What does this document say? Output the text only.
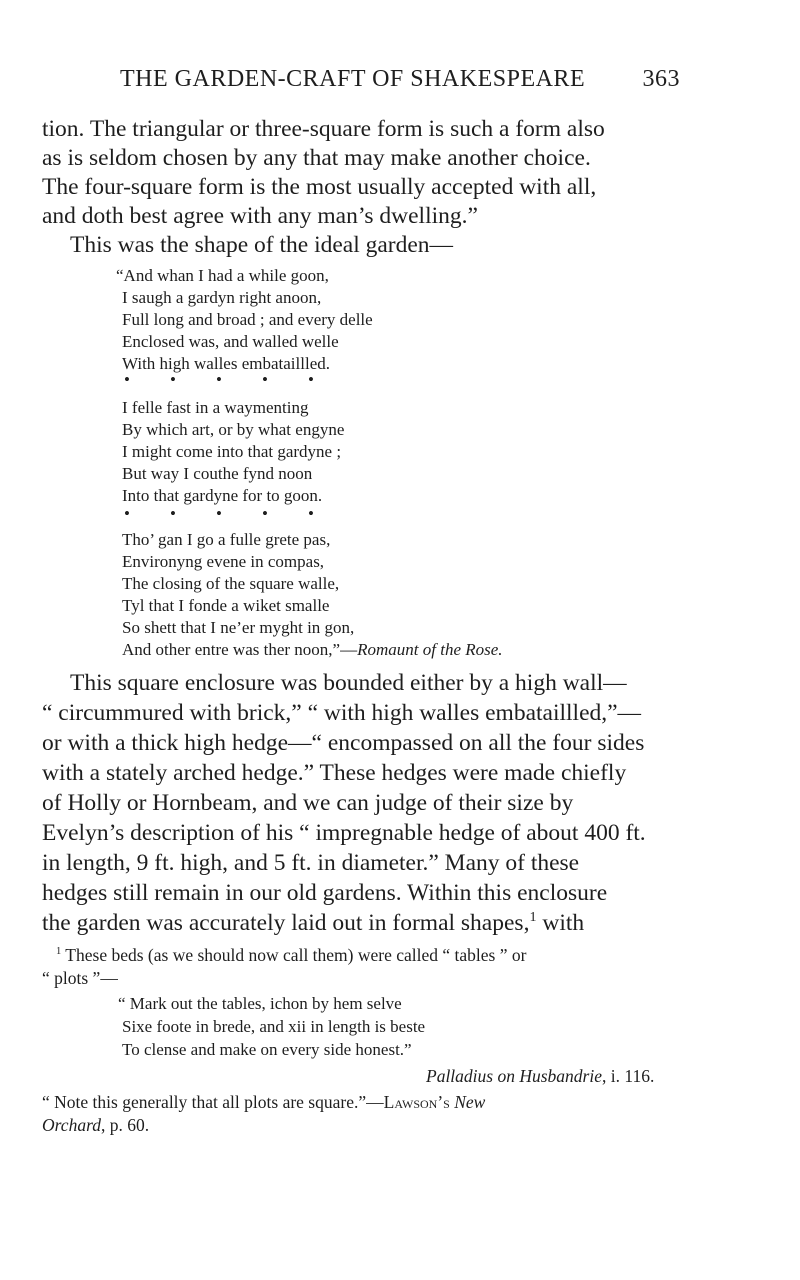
THE GARDEN-CRAFT OF SHAKESPEARE 363
tion. The triangular or three-square form is such a form also
as is seldom chosen by any that may make another choice.
The four-square form is the most usually accepted with all,
and doth best agree with any man’s dwelling.”
This was the shape of the ideal garden—
“And whan I had a while goon,
I saugh a gardyn right anoon,
Full long and broad ; and every delle
Enclosed was, and walled welle
With high walles embataillled.
• • • • •
I felle fast in a waymenting
By which art, or by what engyne
I might come into that gardyne ;
But way I couthe fynd noon
Into that gardyne for to goon.
• • • • •
Tho’ gan I go a fulle grete pas,
Environyng evene in compas,
The closing of the square walle,
Tyl that I fonde a wiket smalle
So shett that I ne’er myght in gon,
And other entre was ther noon,”—Romaunt of the Rose.
This square enclosure was bounded either by a high wall—
“ circummured with brick,” “ with high walles embataillled,”—
or with a thick high hedge—“ encompassed on all the four sides
with a stately arched hedge.” These hedges were made chiefly
of Holly or Hornbeam, and we can judge of their size by
Evelyn’s description of his “ impregnable hedge of about 400 ft.
in length, 9 ft. high, and 5 ft. in diameter.” Many of these
hedges still remain in our old gardens. Within this enclosure
the garden was accurately laid out in formal shapes,$^1$ with
$^1$ These beds (as we should now call them) were called “ tables ” or
“ plots ”—
“ Mark out the tables, ichon by hem selve
Sixe foote in brede, and xii in length is beste
To clense and make on every side honest.”
Palladius on Husbandrie, i. 116.
“ Note this generally that all plots are square.”—Lawson’s New
Orchard, p. 60.
